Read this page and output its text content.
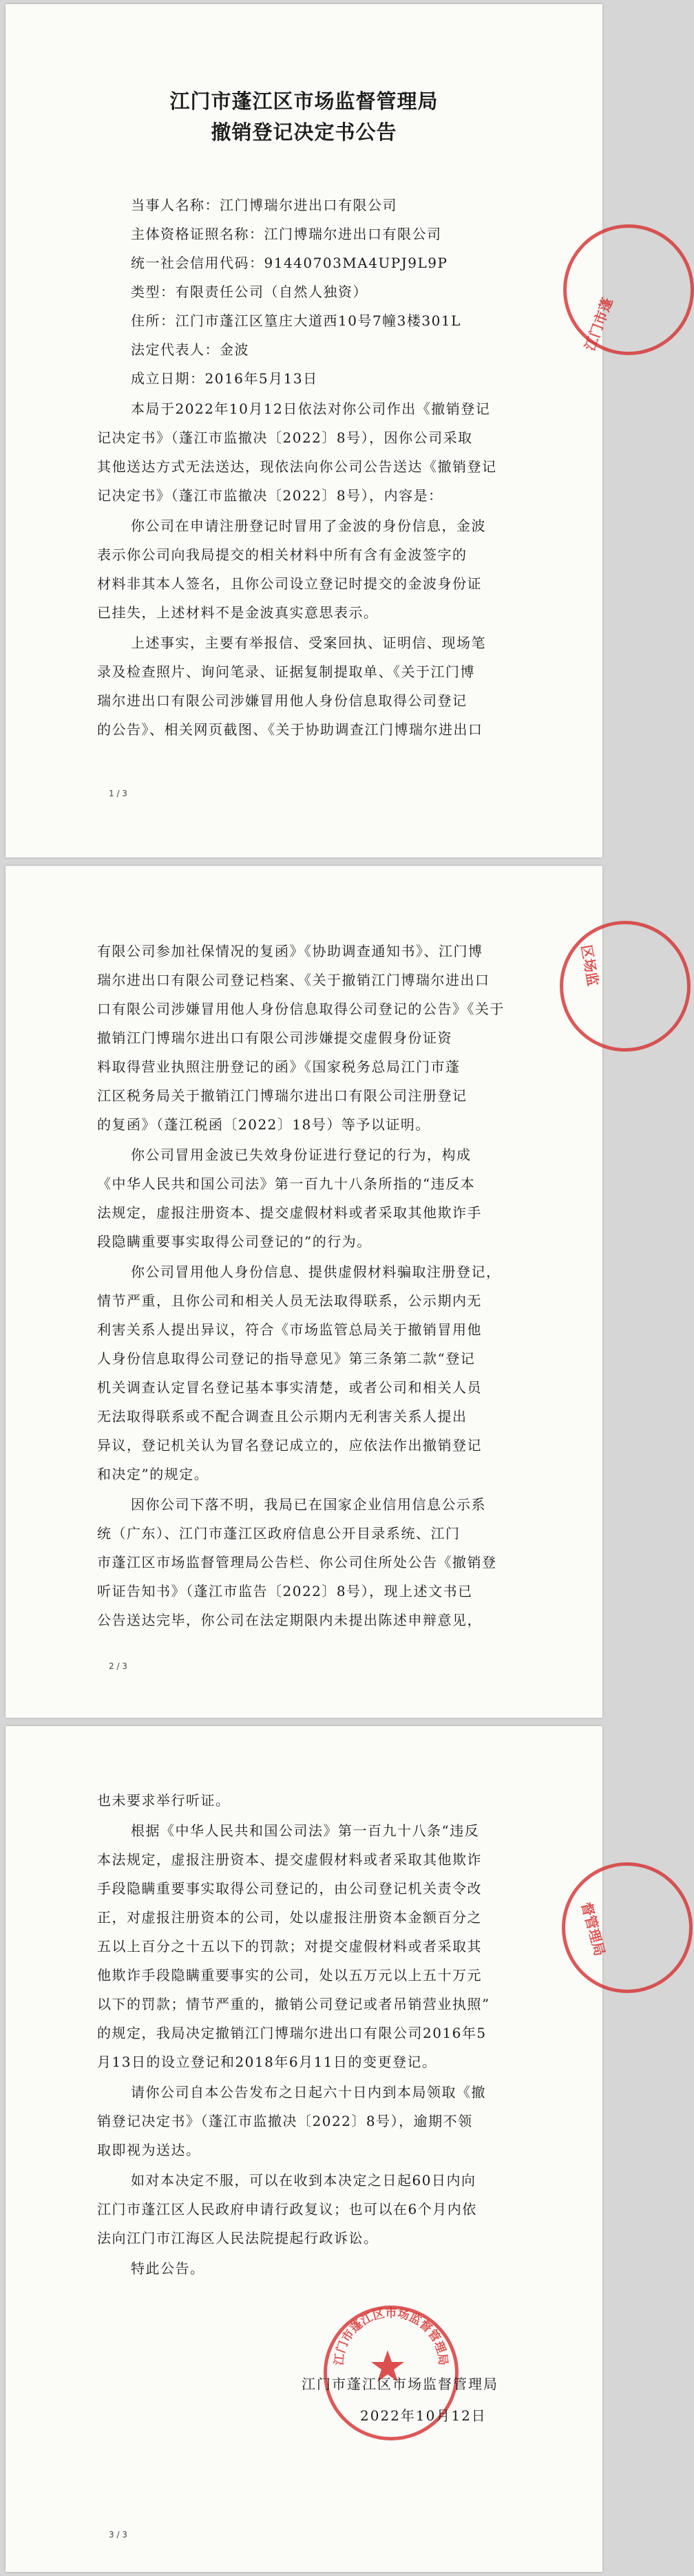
江门市蓬江区市场监督管理局
撤销登记决定书公告
当事人名称：江门博瑞尔进出口有限公司
主体资格证照名称：江门博瑞尔进出口有限公司
统一社会信用代码：91440703MA4UPJ9L9P
类型：有限责任公司（自然人独资）
住所：江门市蓬江区篁庄大道西10号7幢3楼301L
法定代表人：金波
成立日期：2016年5月13日
本局于2022年10月12日依法对你公司作出《撤销登记
记决定书》（蓬江市监撤决〔2022〕8号），因你公司采取
其他送达方式无法送达，现依法向你公司公告送达《撤销登记
记决定书》（蓬江市监撤决〔2022〕8号），内容是：
你公司在申请注册登记时冒用了金波的身份信息，金波
表示你公司向我局提交的相关材料中所有含有金波签字的
材料非其本人签名，且你公司设立登记时提交的金波身份证
已挂失，上述材料不是金波真实意思表示。
上述事实，主要有举报信、受案回执、证明信、现场笔
录及检查照片、询问笔录、证据复制提取单、《关于江门博
瑞尔进出口有限公司涉嫌冒用他人身份信息取得公司登记
的公告》、相关网页截图、《关于协助调查江门博瑞尔进出口
江门市蓬
1 / 3
有限公司参加社保情况的复函》《协助调查通知书》、江门博
瑞尔进出口有限公司登记档案、《关于撤销江门博瑞尔进出口
口有限公司涉嫌冒用他人身份信息取得公司登记的公告》《关于
撤销江门博瑞尔进出口有限公司涉嫌提交虚假身份证资
料取得营业执照注册登记的函》《国家税务总局江门市蓬
江区税务局关于撤销江门博瑞尔进出口有限公司注册登记
的复函》（蓬江税函〔2022〕18号）等予以证明。
你公司冒用金波已失效身份证进行登记的行为，构成
《中华人民共和国公司法》第一百九十八条所指的“违反本
法规定，虚报注册资本、提交虚假材料或者采取其他欺诈手
段隐瞒重要事实取得公司登记的”的行为。
你公司冒用他人身份信息、提供虚假材料骗取注册登记，
情节严重，且你公司和相关人员无法取得联系，公示期内无
利害关系人提出异议，符合《市场监管总局关于撤销冒用他
人身份信息取得公司登记的指导意见》第三条第二款“登记
机关调查认定冒名登记基本事实清楚，或者公司和相关人员
无法取得联系或不配合调查且公示期内无利害关系人提出
异议，登记机关认为冒名登记成立的，应依法作出撤销登记
和决定”的规定。
因你公司下落不明，我局已在国家企业信用信息公示系
统（广东）、江门市蓬江区政府信息公开目录系统、江门
市蓬江区市场监督管理局公告栏、你公司住所处公告《撤销登
听证告知书》（蓬江市监告〔2022〕8号），现上述文书已
公告送达完毕，你公司在法定期限内未提出陈述申辩意见，
区场监
2 / 3
也未要求举行听证。
根据《中华人民共和国公司法》第一百九十八条“违反
本法规定，虚报注册资本、提交虚假材料或者采取其他欺诈
手段隐瞒重要事实取得公司登记的，由公司登记机关责令改
正，对虚报注册资本的公司，处以虚报注册资本金额百分之
五以上百分之十五以下的罚款；对提交虚假材料或者采取其
他欺诈手段隐瞒重要事实的公司，处以五万元以上五十万元
以下的罚款；情节严重的，撤销公司登记或者吊销营业执照”
的规定，我局决定撤销江门博瑞尔进出口有限公司2016年5
月13日的设立登记和2018年6月11日的变更登记。
请你公司自本公告发布之日起六十日内到本局领取《撤
销登记决定书》（蓬江市监撤决〔2022〕8号），逾期不领
取即视为送达。
如对本决定不服，可以在收到本决定之日起60日内向
江门市蓬江区人民政府申请行政复议；也可以在6个月内依
法向江门市江海区人民法院提起行政诉讼。
特此公告。
江门市蓬江区市场监督管理局
督管理局
江门市蓬江区市场监督管理局
2022年10月12日
3 / 3
